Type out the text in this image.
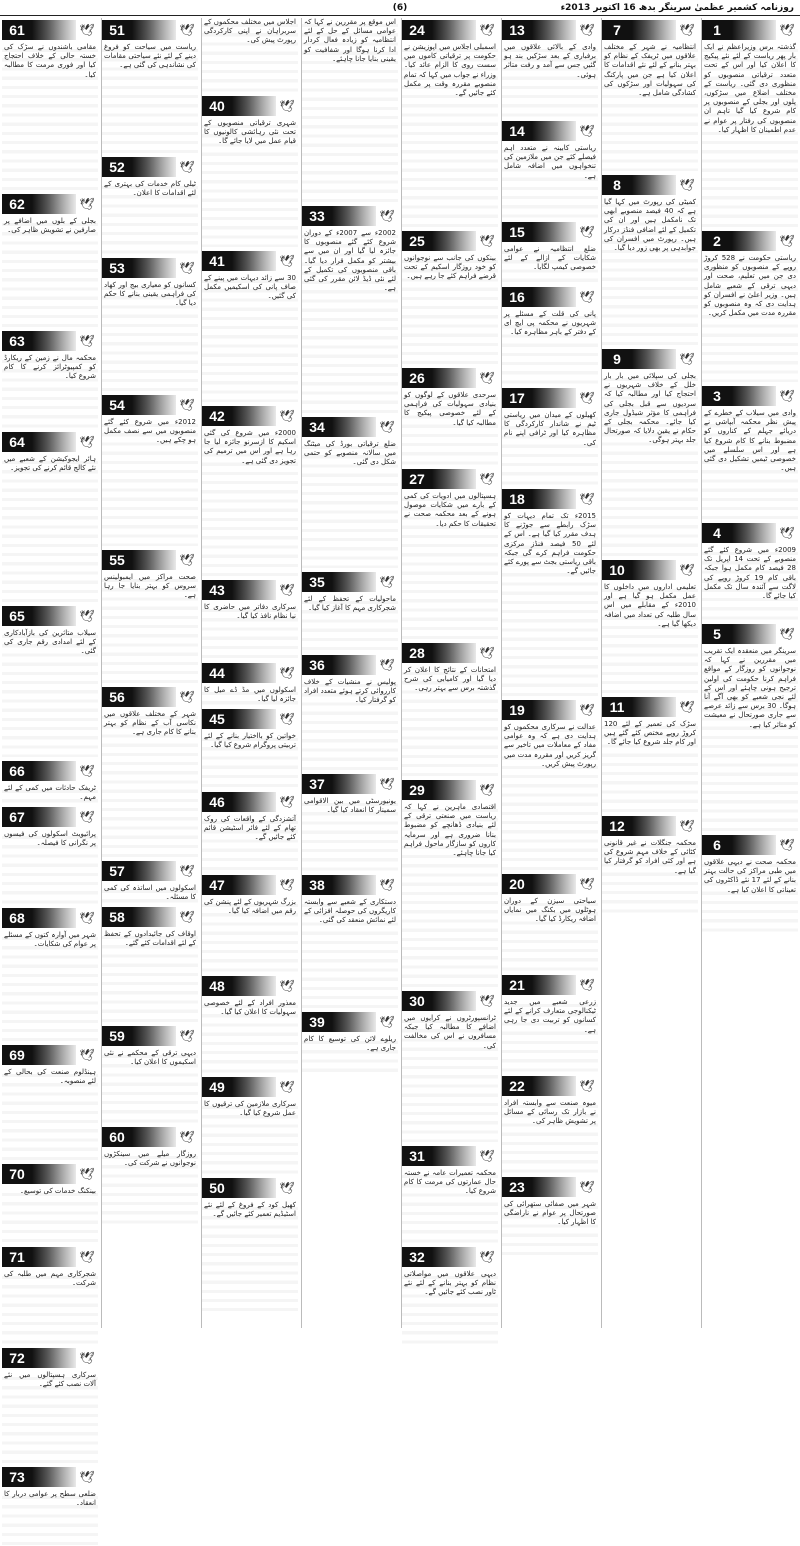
(6)	روزنامہ کشمیر عظمیٰ سرینگر بدھ 16 اکتوبر 2013ء
61	🕊
مقامی باشندوں نے سڑک کی خستہ حالی کے خلاف احتجاج کیا اور فوری مرمت کا مطالبہ کیا۔
62	🕊
بجلی کے بلوں میں اضافے پر صارفین نے تشویش ظاہر کی۔
63	🕊
محکمہ مال نے زمین کے ریکارڈ کو کمپیوٹرائز کرنے کا کام شروع کیا۔
64	🕊
ہائر ایجوکیشن کے شعبے میں نئے کالج قائم کرنے کی تجویز۔
65	🕊
سیلاب متاثرین کی بازآبادکاری کے لئے امدادی رقم جاری کی گئی۔
66	🕊
ٹریفک حادثات میں کمی کے لئے مہم۔
67	🕊
پرائیویٹ اسکولوں کی فیسوں پر نگرانی کا فیصلہ۔
68	🕊
شہر میں آوارہ کتوں کے مسئلے پر عوام کی شکایات۔
69	🕊
ہینڈلوم صنعت کی بحالی کے لئے منصوبہ۔
70	🕊
بینکنگ خدمات کی توسیع۔
71	🕊
شجرکاری مہم میں طلبہ کی شرکت۔
72	🕊
سرکاری ہسپتالوں میں نئے آلات نصب کئے گئے۔
73	🕊
ضلعی سطح پر عوامی دربار کا انعقاد۔
51	🕊
ریاست میں سیاحت کو فروغ دینے کے لئے نئے سیاحتی مقامات کی نشاندہی کی گئی ہے۔
52	🕊
ٹیلی کام خدمات کی بہتری کے لئے اقدامات کا اعلان۔
53	🕊
کسانوں کو معیاری بیج اور کھاد کی فراہمی یقینی بنانے کا حکم دیا گیا۔
54	🕊
2012ء میں شروع کئے گئے منصوبوں میں سے نصف مکمل ہو چکے ہیں۔
55	🕊
صحت مراکز میں ایمبولینس سروس کو بہتر بنایا جا رہا ہے۔
56	🕊
شہر کے مختلف علاقوں میں نکاسی آب کے نظام کو بہتر بنانے کا کام جاری ہے۔
57	🕊
اسکولوں میں اساتذہ کی کمی کا مسئلہ۔
58	🕊
اوقاف کی جائیدادوں کے تحفظ کے لئے اقدامات کئے گئے۔
59	🕊
دیہی ترقی کے محکمے نے نئی اسکیموں کا اعلان کیا۔
60	🕊
روزگار میلے میں سینکڑوں نوجوانوں نے شرکت کی۔
اجلاس میں مختلف محکموں کے سربراہان نے اپنی کارکردگی رپورٹ پیش کی۔
40	🕊
شہری ترقیاتی منصوبوں کے تحت نئی رہائشی کالونیوں کا قیام عمل میں لایا جائے گا۔
41	🕊
30 سے زائد دیہات میں پینے کے صاف پانی کی اسکیمیں مکمل کی گئیں۔
42	🕊
2000ء میں شروع کی گئی اسکیم کا ازسرنو جائزہ لیا جا رہا ہے اور اس میں ترمیم کی تجویز دی گئی ہے۔
43	🕊
سرکاری دفاتر میں حاضری کا نیا نظام نافذ کیا گیا۔
44	🕊
اسکولوں میں مڈ ڈے میل کا جائزہ لیا گیا۔
45	🕊
خواتین کو بااختیار بنانے کے لئے تربیتی پروگرام شروع کیا گیا۔
46	🕊
آتشزدگی کے واقعات کی روک تھام کے لئے فائر اسٹیشن قائم کئے جائیں گے۔
47	🕊
بزرگ شہریوں کے لئے پنشن کی رقم میں اضافہ کیا گیا۔
48	🕊
معذور افراد کے لئے خصوصی سہولیات کا اعلان کیا گیا۔
49	🕊
سرکاری ملازمین کی ترقیوں کا عمل شروع کیا گیا۔
50	🕊
کھیل کود کے فروغ کے لئے نئے اسٹیڈیم تعمیر کئے جائیں گے۔
اس موقع پر مقررین نے کہا کہ عوامی مسائل کے حل کے لئے انتظامیہ کو زیادہ فعال کردار ادا کرنا ہوگا اور شفافیت کو یقینی بنایا جانا چاہئے۔
33	🕊
2002ء سے 2007ء کے دوران شروع کئے گئے منصوبوں کا جائزہ لیا گیا اور ان میں سے بیشتر کو مکمل قرار دیا گیا۔ باقی منصوبوں کی تکمیل کے لئے نئی ڈیڈ لائن مقرر کی گئی ہے۔
34	🕊
ضلع ترقیاتی بورڈ کی میٹنگ میں سالانہ منصوبے کو حتمی شکل دی گئی۔
35	🕊
ماحولیات کے تحفظ کے لئے شجرکاری مہم کا آغاز کیا گیا۔
36	🕊
پولیس نے منشیات کے خلاف کارروائی کرتے ہوئے متعدد افراد کو گرفتار کیا۔
37	🕊
یونیورسٹی میں بین الاقوامی سمینار کا انعقاد کیا گیا۔
38	🕊
دستکاری کے شعبے سے وابستہ کاریگروں کی حوصلہ افزائی کے لئے نمائش منعقد کی گئی۔
39	🕊
ریلوے لائن کی توسیع کا کام جاری ہے۔
24	🕊
اسمبلی اجلاس میں اپوزیشن نے حکومت پر ترقیاتی کاموں میں سست روی کا الزام عائد کیا۔ وزراء نے جواب میں کہا کہ تمام منصوبے مقررہ وقت پر مکمل کئے جائیں گے۔
25	🕊
بینکوں کی جانب سے نوجوانوں کو خود روزگار اسکیم کے تحت قرضے فراہم کئے جا رہے ہیں۔
26	🕊
سرحدی علاقوں کے لوگوں کو بنیادی سہولیات کی فراہمی کے لئے خصوصی پیکیج کا مطالبہ کیا گیا۔
27	🕊
ہسپتالوں میں ادویات کی کمی کے بارے میں شکایات موصول ہونے کے بعد محکمہ صحت نے تحقیقات کا حکم دیا۔
28	🕊
امتحانات کے نتائج کا اعلان کر دیا گیا اور کامیابی کی شرح گذشتہ برس سے بہتر رہی۔
29	🕊
اقتصادی ماہرین نے کہا کہ ریاست میں صنعتی ترقی کے لئے بنیادی ڈھانچے کو مضبوط بنانا ضروری ہے اور سرمایہ کاروں کو سازگار ماحول فراہم کیا جانا چاہئے۔
30	🕊
ٹرانسپورٹروں نے کرایوں میں اضافے کا مطالبہ کیا جبکہ مسافروں نے اس کی مخالفت کی۔
31	🕊
محکمہ تعمیرات عامہ نے خستہ حال عمارتوں کی مرمت کا کام شروع کیا۔
32	🕊
دیہی علاقوں میں مواصلاتی نظام کو بہتر بنانے کے لئے نئے ٹاور نصب کئے جائیں گے۔
13	🕊
وادی کے بالائی علاقوں میں برفباری کے بعد سڑکیں بند ہو گئیں جس سے آمد و رفت متاثر ہوئی۔
14	🕊
ریاستی کابینہ نے متعدد اہم فیصلے کئے جن میں ملازمین کی تنخواہوں میں اضافہ شامل ہے۔
15	🕊
ضلع انتظامیہ نے عوامی شکایات کے ازالے کے لئے خصوصی کیمپ لگایا۔
16	🕊
پانی کی قلت کے مسئلے پر شہریوں نے محکمہ پی ایچ ای کے دفتر کے باہر مظاہرہ کیا۔
17	🕊
کھیلوں کے میدان میں ریاستی ٹیم نے شاندار کارکردگی کا مظاہرہ کیا اور ٹرافی اپنے نام کی۔
18	🕊
2015ء تک تمام دیہات کو سڑک رابطے سے جوڑنے کا ہدف مقرر کیا گیا ہے۔ اس کے لئے 50 فیصد فنڈز مرکزی حکومت فراہم کرے گی جبکہ باقی ریاستی بجٹ سے پورے کئے جائیں گے۔
19	🕊
عدالت نے سرکاری محکموں کو ہدایت دی ہے کہ وہ عوامی مفاد کے معاملات میں تاخیر سے گریز کریں اور مقررہ مدت میں رپورٹ پیش کریں۔
20	🕊
سیاحتی سیزن کے دوران ہوٹلوں میں بکنگ میں نمایاں اضافہ ریکارڈ کیا گیا۔
21	🕊
زرعی شعبے میں جدید ٹیکنالوجی متعارف کرانے کے لئے کسانوں کو تربیت دی جا رہی ہے۔
22	🕊
میوہ صنعت سے وابستہ افراد نے بازار تک رسائی کے مسائل پر تشویش ظاہر کی۔
23	🕊
شہر میں صفائی ستھرائی کی صورتحال پر عوام نے ناراضگی کا اظہار کیا۔
7	🕊
انتظامیہ نے شہر کے مختلف علاقوں میں ٹریفک کے نظام کو بہتر بنانے کے لئے نئے اقدامات کا اعلان کیا ہے جن میں پارکنگ کی سہولیات اور سڑکوں کی کشادگی شامل ہے۔
8	🕊
کمیٹی کی رپورٹ میں کہا گیا ہے کہ 40 فیصد منصوبے ابھی تک نامکمل ہیں اور ان کی تکمیل کے لئے اضافی فنڈز درکار ہیں۔ رپورٹ میں افسران کی جوابدہی پر بھی زور دیا گیا۔
9	🕊
بجلی کی سپلائی میں بار بار خلل کے خلاف شہریوں نے احتجاج کیا اور مطالبہ کیا کہ سردیوں سے قبل بجلی کی فراہمی کا مؤثر شیڈول جاری کیا جائے۔ محکمہ بجلی کے حکام نے یقین دلایا کہ صورتحال جلد بہتر ہوگی۔
10	🕊
تعلیمی اداروں میں داخلوں کا عمل مکمل ہو گیا ہے اور 2010ء کے مقابلے میں اس سال طلبہ کی تعداد میں اضافہ دیکھا گیا ہے۔
11	🕊
سڑک کی تعمیر کے لئے 120 کروڑ روپے مختص کئے گئے ہیں اور کام جلد شروع کیا جائے گا۔
12	🕊
محکمہ جنگلات نے غیر قانونی کٹائی کے خلاف مہم شروع کی ہے اور کئی افراد کو گرفتار کیا گیا ہے۔
1	🕊
گذشتہ برس وزیراعظم نے ایک بار پھر ریاست کے لئے نئے پیکیج کا اعلان کیا اور اس کے تحت متعدد ترقیاتی منصوبوں کو منظوری دی گئی۔ ریاست کے مختلف اضلاع میں سڑکوں، پلوں اور بجلی کے منصوبوں پر کام شروع کیا گیا تاہم ان منصوبوں کی رفتار پر عوام نے عدم اطمینان کا اظہار کیا۔
2	🕊
ریاستی حکومت نے 528 کروڑ روپے کے منصوبوں کو منظوری دی جن میں تعلیم، صحت اور دیہی ترقی کے شعبے شامل ہیں۔ وزیر اعلیٰ نے افسران کو ہدایت دی کہ وہ منصوبوں کو مقررہ مدت میں مکمل کریں۔
3	🕊
وادی میں سیلاب کے خطرے کے پیش نظر محکمہ آبپاشی نے دریائے جہلم کے کناروں کو مضبوط بنانے کا کام شروع کیا ہے اور اس سلسلے میں خصوصی ٹیمیں تشکیل دی گئی ہیں۔
4	🕊
2009ء میں شروع کئے گئے منصوبے کے تحت 14 اپریل تک 28 فیصد کام مکمل ہوا جبکہ باقی کام 19 کروڑ روپے کی لاگت سے آئندہ سال تک مکمل کیا جائے گا۔
5	🕊
سرینگر میں منعقدہ ایک تقریب میں مقررین نے کہا کہ نوجوانوں کو روزگار کے مواقع فراہم کرنا حکومت کی اولین ترجیح ہونی چاہئے اور اس کے لئے نجی شعبے کو بھی آگے آنا ہوگا۔ 30 برس سے زائد عرصے سے جاری صورتحال نے معیشت کو متاثر کیا ہے۔
6	🕊
محکمہ صحت نے دیہی علاقوں میں طبی مراکز کی حالت بہتر بنانے کے لئے 17 نئے ڈاکٹروں کی تعیناتی کا اعلان کیا ہے۔
